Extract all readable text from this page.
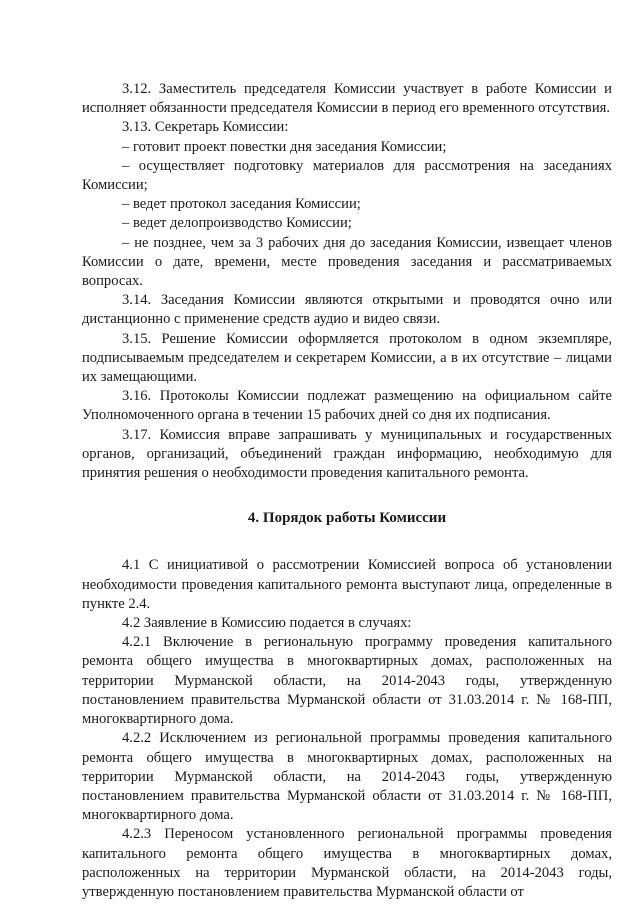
3.12. Заместитель председателя Комиссии участвует в работе Комиссии и исполняет обязанности председателя Комиссии в период его временного отсутствия.

3.13. Секретарь Комиссии:

– готовит проект повестки дня заседания Комиссии;

– осуществляет подготовку материалов для рассмотрения на заседаниях Комиссии;

– ведет протокол заседания Комиссии;

– ведет делопроизводство Комиссии;

– не позднее, чем за 3 рабочих дня до заседания Комиссии, извещает членов Комиссии о дате, времени, месте проведения заседания и рассматриваемых вопросах.

3.14. Заседания Комиссии являются открытыми и проводятся очно или дистанционно с применение средств аудио и видео связи.

3.15. Решение Комиссии оформляется протоколом в одном экземпляре, подписываемым председателем и секретарем Комиссии, а в их отсутствие – лицами их замещающими.

3.16. Протоколы Комиссии подлежат размещению на официальном сайте Уполномоченного органа в течении 15 рабочих дней со дня их подписания.

3.17. Комиссия вправе запрашивать у муниципальных и государственных органов, организаций, объединений граждан информацию, необходимую для принятия решения о необходимости проведения капитального ремонта.

4. Порядок работы Комиссии

4.1 С инициативой о рассмотрении Комиссией вопроса об установлении необходимости проведения капитального ремонта выступают лица, определенные в пункте 2.4.

4.2 Заявление в Комиссию подается в случаях:

4.2.1 Включение в региональную программу проведения капитального ремонта общего имущества в многоквартирных домах, расположенных на территории Мурманской области, на 2014-2043 годы, утвержденную постановлением правительства Мурманской области от 31.03.2014 г. № 168-ПП, многоквартирного дома.

4.2.2 Исключением из региональной программы проведения капитального ремонта общего имущества в многоквартирных домах, расположенных на территории Мурманской области, на 2014-2043 годы, утвержденную постановлением правительства Мурманской области от 31.03.2014 г. № 168-ПП, многоквартирного дома.

4.2.3 Переносом установленного региональной программы проведения капитального ремонта общего имущества в многоквартирных домах, расположенных на территории Мурманской области, на 2014-2043 годы, утвержденную постановлением правительства Мурманской области от
